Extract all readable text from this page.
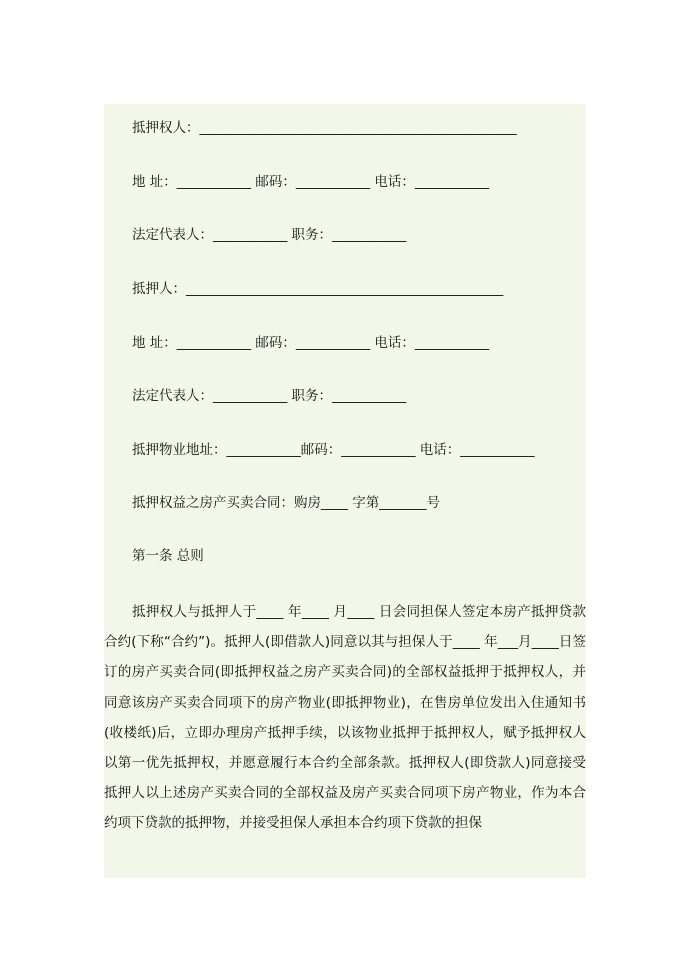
抵押权人：_______________________________________________
地 址：___________ 邮码：___________ 电话：___________
法定代表人：___________ 职务：___________
抵押人：_______________________________________________
地 址：___________ 邮码：___________ 电话：___________
法定代表人：___________ 职务：___________
抵押物业地址：___________邮码：___________ 电话：___________
抵押权益之房产买卖合同：购房____ 字第_______号
第一条 总则
抵押权人与抵押人于____ 年____ 月____ 日会同担保人签定本房产抵押贷款合约(下称“合约”)。抵押人(即借款人)同意以其与担保人于____ 年___月____日签订的房产买卖合同(即抵押权益之房产买卖合同)的全部权益抵押于抵押权人，并同意该房产买卖合同项下的房产物业(即抵押物业)，在售房单位发出入住通知书(收楼纸)后，立即办理房产抵押手续，以该物业抵押于抵押权人，赋予抵押权人以第一优先抵押权，并愿意履行本合约全部条款。抵押权人(即贷款人)同意接受抵押人以上述房产买卖合同的全部权益及房产买卖合同项下房产物业，作为本合约项下贷款的抵押物，并接受担保人承担本合约项下贷款的担保
